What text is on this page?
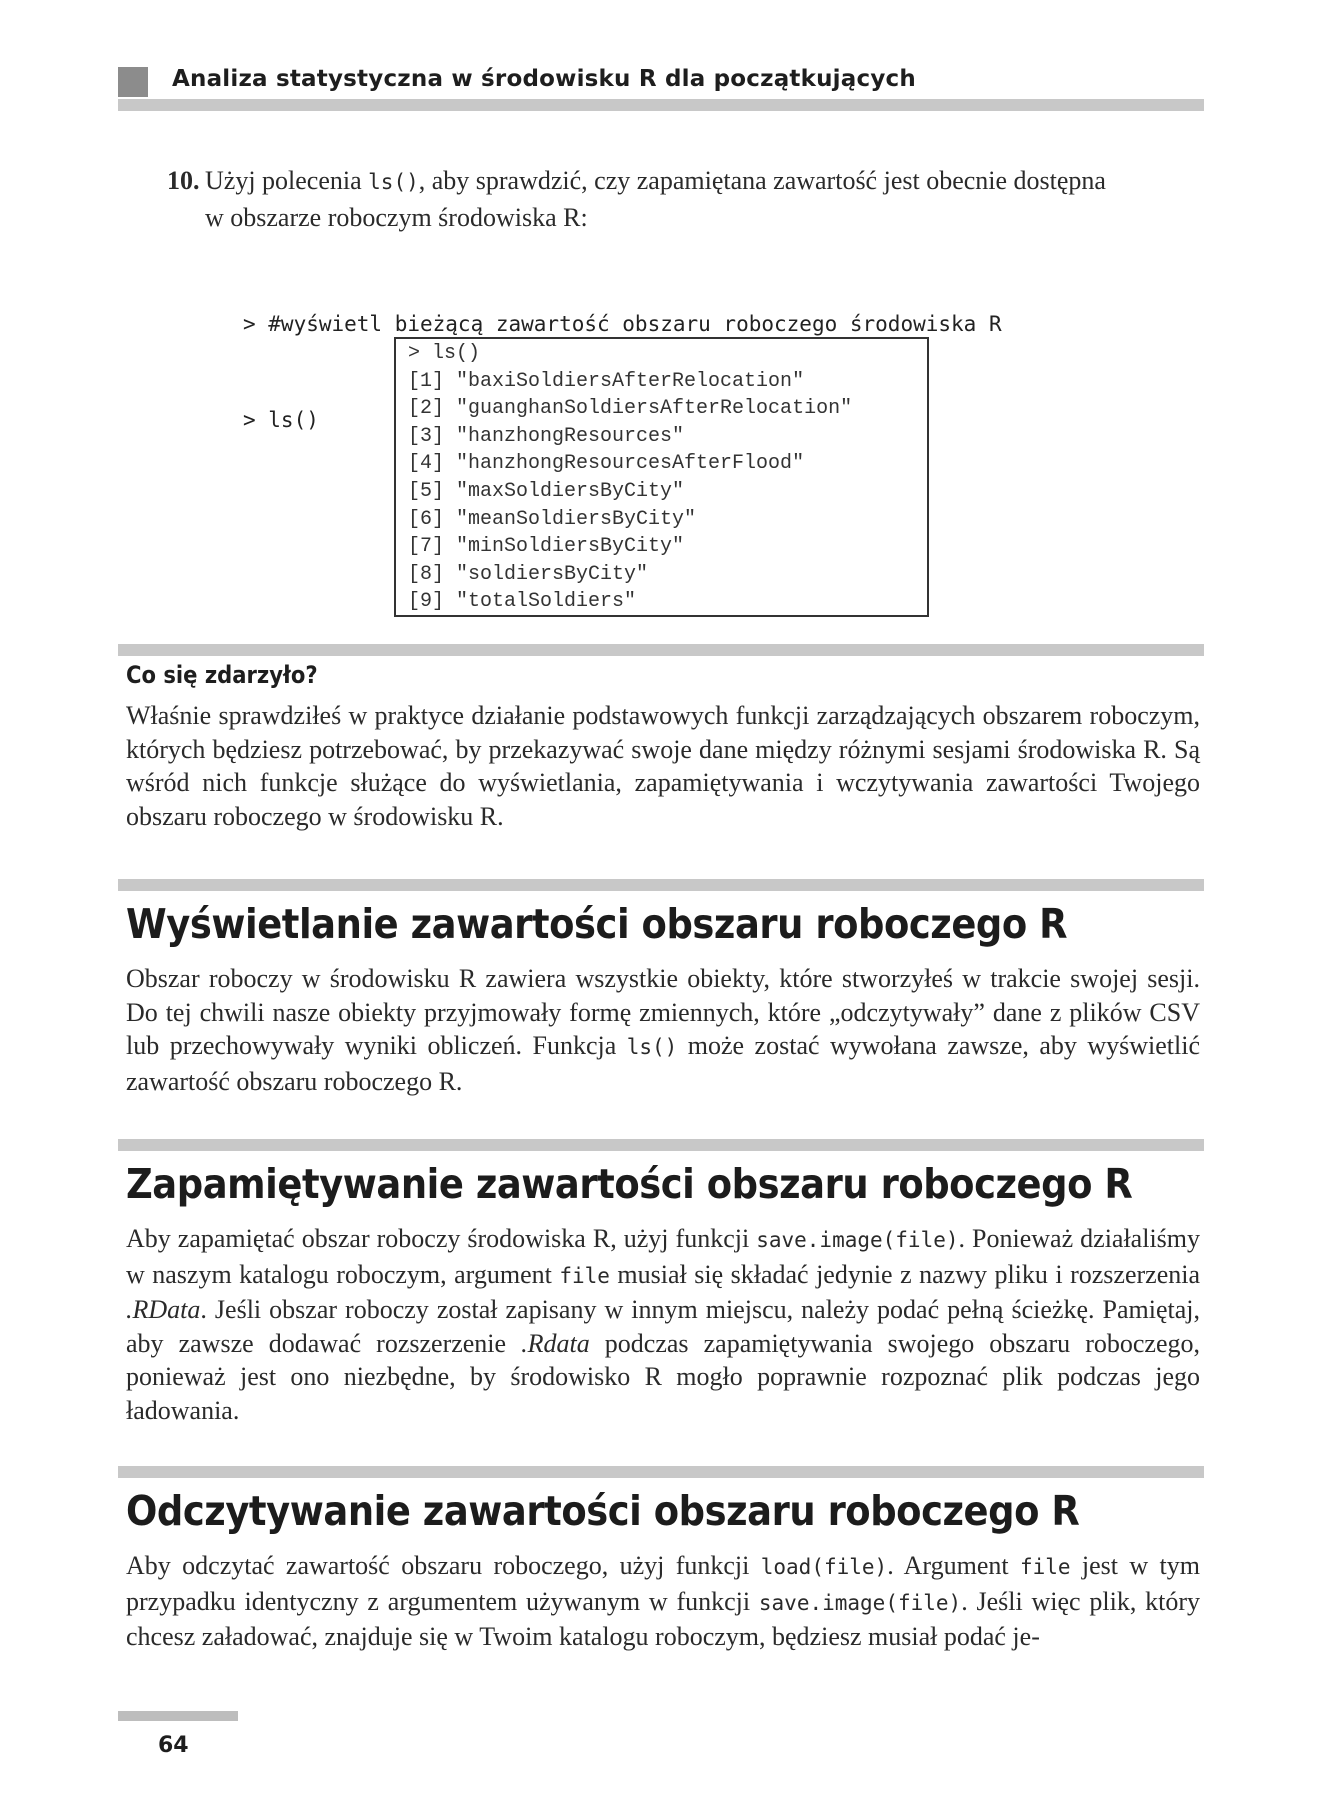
Analiza statystyczna w środowisku R dla początkujących
10. Użyj polecenia ls(), aby sprawdzić, czy zapamiętana zawartość jest obecnie dostępna w obszarze roboczym środowiska R:

> #wyświetl bieżącą zawartość obszaru roboczego środowiska R

> ls()

> ls()
[1] "baxiSoldiersAfterRelocation"
[2] "guanghanSoldiersAfterRelocation"
[3] "hanzhongResources"
[4] "hanzhongResourcesAfterFlood"
[5] "maxSoldiersByCity"
[6] "meanSoldiersByCity"
[7] "minSoldiersByCity"
[8] "soldiersByCity"
[9] "totalSoldiers"
Co się zdarzyło?

Właśnie sprawdziłeś w praktyce działanie podstawowych funkcji zarządzających obszarem roboczym, których będziesz potrzebować, by przekazywać swoje dane między różnymi sesjami środowiska R. Są wśród nich funkcje służące do wyświetlania, zapamiętywania i wczytywania zawartości Twojego obszaru roboczego w środowisku R.

Wyświetlanie zawartości obszaru roboczego R

Obszar roboczy w środowisku R zawiera wszystkie obiekty, które stworzyłeś w trakcie swojej sesji. Do tej chwili nasze obiekty przyjmowały formę zmiennych, które „odczytywały” dane z plików CSV lub przechowywały wyniki obliczeń. Funkcja ls() może zostać wywołana zawsze, aby wyświetlić zawartość obszaru roboczego R.

Zapamiętywanie zawartości obszaru roboczego R

Aby zapamiętać obszar roboczy środowiska R, użyj funkcji save.image(file). Ponieważ działaliśmy w naszym katalogu roboczym, argument file musiał się składać jedynie z nazwy pliku i rozszerzenia .RData. Jeśli obszar roboczy został zapisany w innym miejscu, należy podać pełną ścieżkę. Pamiętaj, aby zawsze dodawać rozszerzenie .Rdata podczas zapamiętywania swojego obszaru roboczego, ponieważ jest ono niezbędne, by środowisko R mogło poprawnie rozpoznać plik podczas jego ładowania.

Odczytywanie zawartości obszaru roboczego R

Aby odczytać zawartość obszaru roboczego, użyj funkcji load(file). Argument file jest w tym przypadku identyczny z argumentem używanym w funkcji save.image(file). Jeśli więc plik, który chcesz załadować, znajduje się w Twoim katalogu roboczym, będziesz musiał podać je-

64
